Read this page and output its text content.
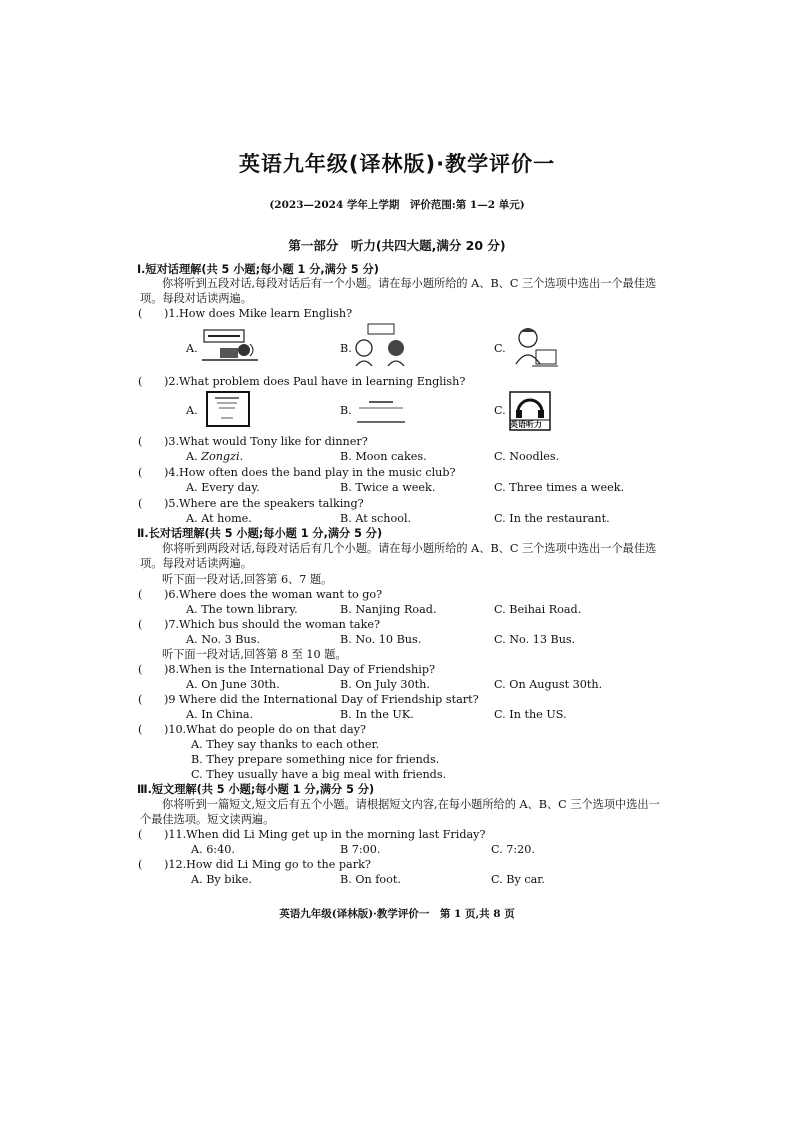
英语九年级(译林版)·教学评价一
(2023—2024 学年上学期　评价范围:第 1—2 单元)
第一部分　听力(共四大题,满分 20 分)
Ⅰ.短对话理解(共 5 小题;每小题 1 分,满分 5 分)
你将听到五段对话,每段对话后有一个小题。请在每小题所给的 A、B、C 三个选项中选出一个最佳选项。每段对话读两遍。
( )1.How does Mike learn English?
A.	B.	C.
( )2.What problem does Paul have in learning English?
A.	B.	C.
英语听力
( )3.What would Tony like for dinner?
A. Zongzi.	B. Moon cakes.	C. Noodles.
( )4.How often does the band play in the music club?
A. Every day.	B. Twice a week.	C. Three times a week.
( )5.Where are the speakers talking?
A. At home.	B. At school.	C. In the restaurant.
Ⅱ.长对话理解(共 5 小题;每小题 1 分,满分 5 分)
你将听到两段对话,每段对话后有几个小题。请在每小题所给的 A、B、C 三个选项中选出一个最佳选项。每段对话读两遍。
听下面一段对话,回答第 6、7 题。
( )6.Where does the woman want to go?
A. The town library.	B. Nanjing Road.	C. Beihai Road.
( )7.Which bus should the woman take?
A. No. 3 Bus.	B. No. 10 Bus.	C. No. 13 Bus.
听下面一段对话,回答第 8 至 10 题。
( )8.When is the International Day of Friendship?
A. On June 30th.	B. On July 30th.	C. On August 30th.
( )9 Where did the International Day of Friendship start?
A. In China.	B. In the UK.	C. In the US.
( )10.What do people do on that day?
A. They say thanks to each other.
B. They prepare something nice for friends.
C. They usually have a big meal with friends.
Ⅲ.短文理解(共 5 小题;每小题 1 分,满分 5 分)
你将听到一篇短文,短文后有五个小题。请根据短文内容,在每小题所给的 A、B、C 三个选项中选出一个最佳选项。短文读两遍。
( )11.When did Li Ming get up in the morning last Friday?
A. 6:40.	B 7:00.	C. 7:20.
( )12.How did Li Ming go to the park?
A. By bike.	B. On foot.	C. By car.
英语九年级(译林版)·教学评价一　第 1 页,共 8 页
